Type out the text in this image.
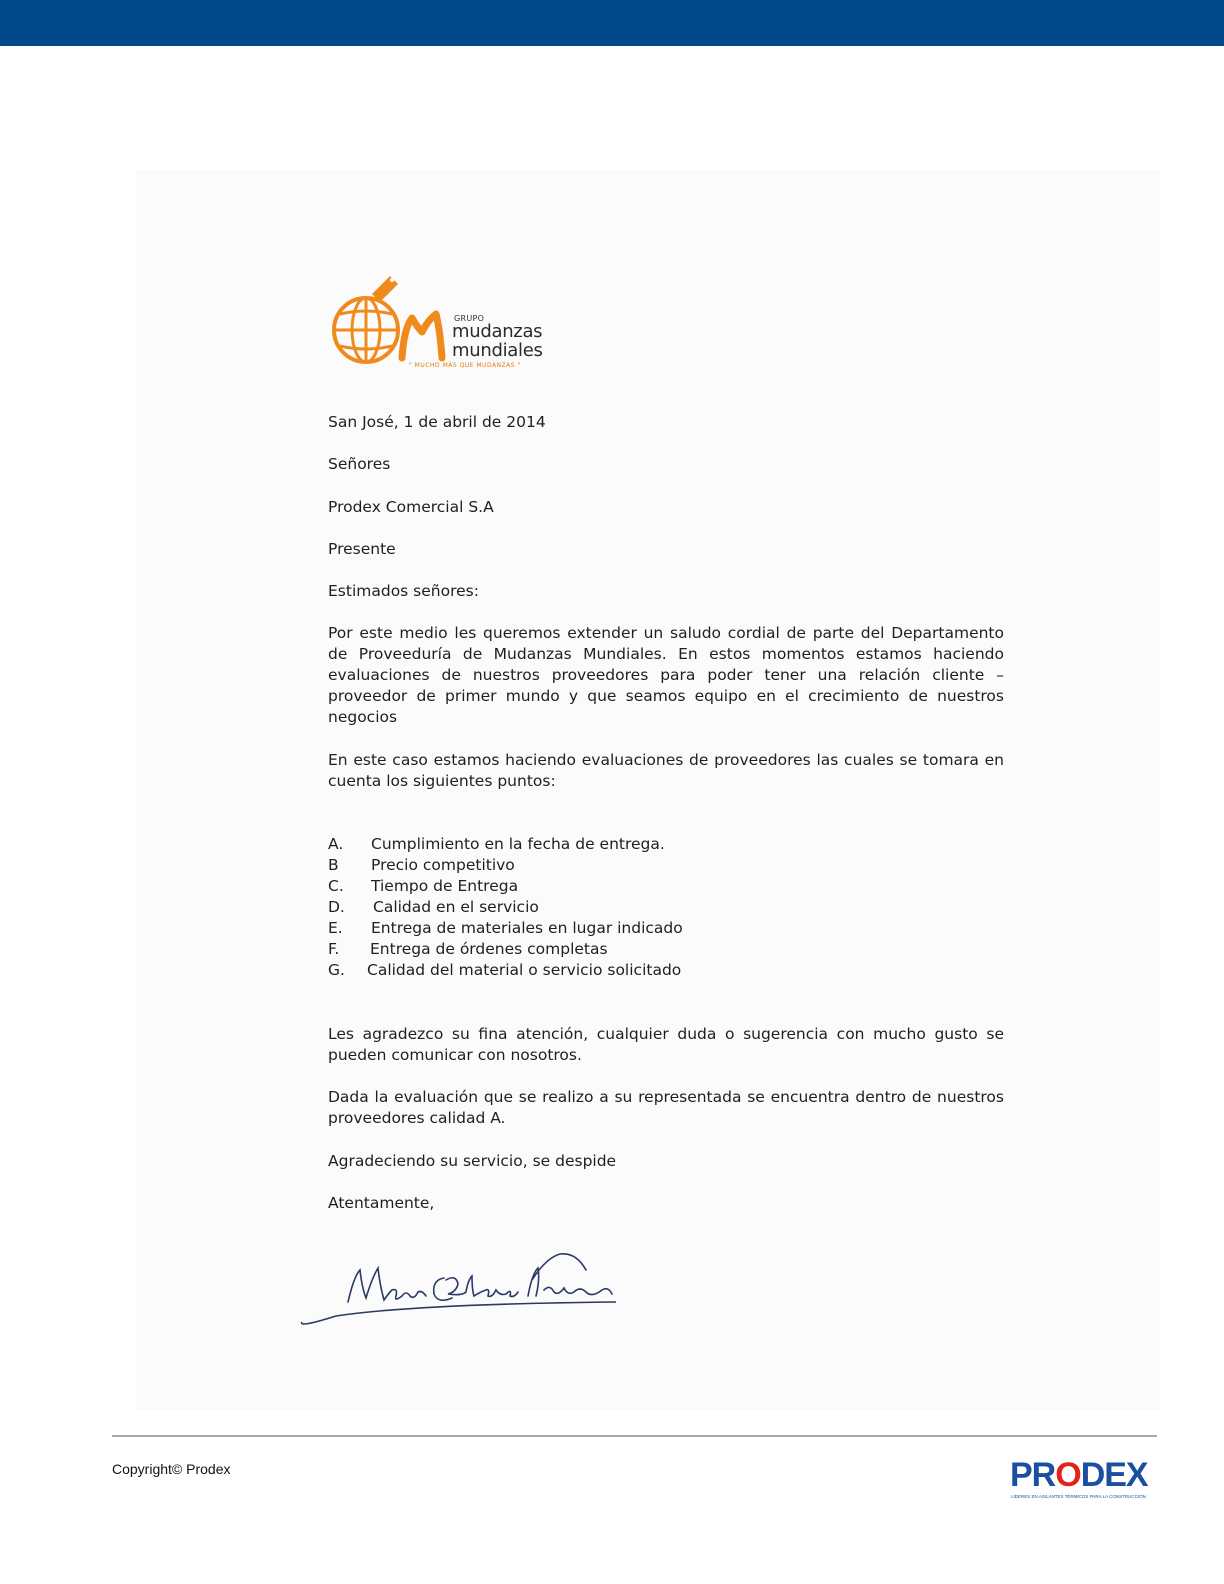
GRUPO
mudanzas
mundiales
" MUCHO MÁS QUE MUDANZAS "

San José, 1 de abril de 2014

Señores

Prodex Comercial S.A

Presente

Estimados señores:

Por este medio les queremos extender un saludo cordial de parte del Departamento de Proveeduría de Mudanzas Mundiales. En estos momentos estamos haciendo evaluaciones de nuestros proveedores para poder tener una relación cliente – proveedor de primer mundo y que seamos equipo en el crecimiento de nuestros negocios

En este caso estamos haciendo evaluaciones de proveedores las cuales se tomara en cuenta los siguientes puntos:

A. Cumplimiento en la fecha de entrega.
B Precio competitivo
C. Tiempo de Entrega
D. Calidad en el servicio
E. Entrega de materiales en lugar indicado
F. Entrega de órdenes completas
G. Calidad del material o servicio solicitado

Les agradezco su fina atención, cualquier duda o sugerencia con mucho gusto se pueden comunicar con nosotros.

Dada la evaluación que se realizo a su representada se encuentra dentro de nuestros proveedores calidad A.

Agradeciendo su servicio, se despide

Atentamente,

Copyright© Prodex	PRODEX
LÍDERES EN AISLANTES TÉRMICOS PARA LA CONSTRUCCIÓN
